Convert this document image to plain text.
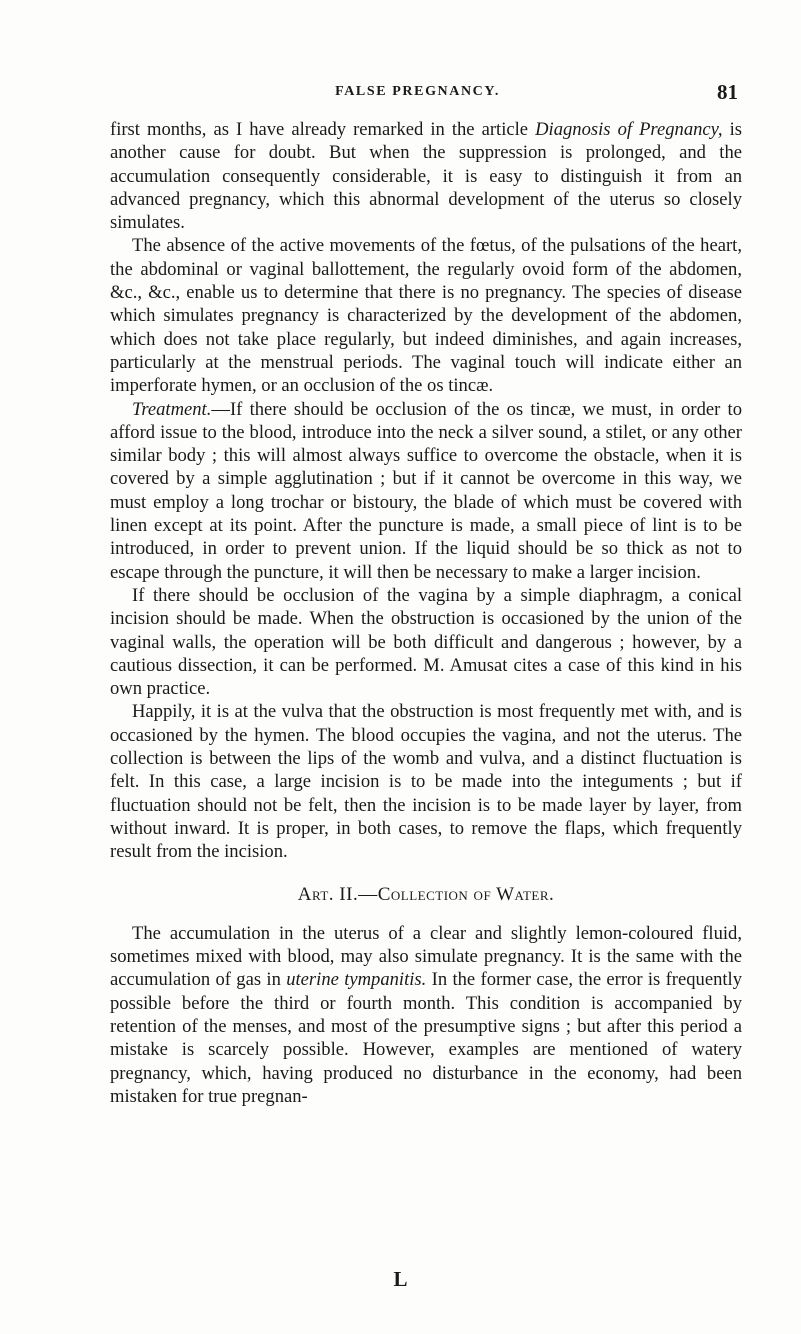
FALSE PREGNANCY.	81

first months, as I have already remarked in the article Diagnosis of Pregnancy, is another cause for doubt. But when the suppression is prolonged, and the accumulation consequently considerable, it is easy to distinguish it from an advanced pregnancy, which this abnormal development of the uterus so closely simulates.

The absence of the active movements of the fœtus, of the pulsations of the heart, the abdominal or vaginal ballottement, the regularly ovoid form of the abdomen, &c., &c., enable us to determine that there is no pregnancy. The species of disease which simulates pregnancy is characterized by the development of the abdomen, which does not take place regularly, but indeed diminishes, and again increases, particularly at the menstrual periods. The vaginal touch will indicate either an imperforate hymen, or an occlusion of the os tincæ.

Treatment.—If there should be occlusion of the os tincæ, we must, in order to afford issue to the blood, introduce into the neck a silver sound, a stilet, or any other similar body ; this will almost always suffice to overcome the obstacle, when it is covered by a simple agglutination ; but if it cannot be overcome in this way, we must employ a long trochar or bistoury, the blade of which must be covered with linen except at its point. After the puncture is made, a small piece of lint is to be introduced, in order to prevent union. If the liquid should be so thick as not to escape through the puncture, it will then be necessary to make a larger incision.

If there should be occlusion of the vagina by a simple diaphragm, a conical incision should be made. When the obstruction is occasioned by the union of the vaginal walls, the operation will be both difficult and dangerous ; however, by a cautious dissection, it can be performed. M. Amusat cites a case of this kind in his own practice.

Happily, it is at the vulva that the obstruction is most frequently met with, and is occasioned by the hymen. The blood occupies the vagina, and not the uterus. The collection is between the lips of the womb and vulva, and a distinct fluctuation is felt. In this case, a large incision is to be made into the integuments ; but if fluctuation should not be felt, then the incision is to be made layer by layer, from without inward. It is proper, in both cases, to remove the flaps, which frequently result from the incision.

Art. II.—Collection of Water.

The accumulation in the uterus of a clear and slightly lemon-coloured fluid, sometimes mixed with blood, may also simulate pregnancy. It is the same with the accumulation of gas in uterine tympanitis. In the former case, the error is frequently possible before the third or fourth month. This condition is accompanied by retention of the menses, and most of the presumptive signs ; but after this period a mistake is scarcely possible. However, examples are mentioned of watery pregnancy, which, having produced no disturbance in the economy, had been mistaken for true pregnan-

L
